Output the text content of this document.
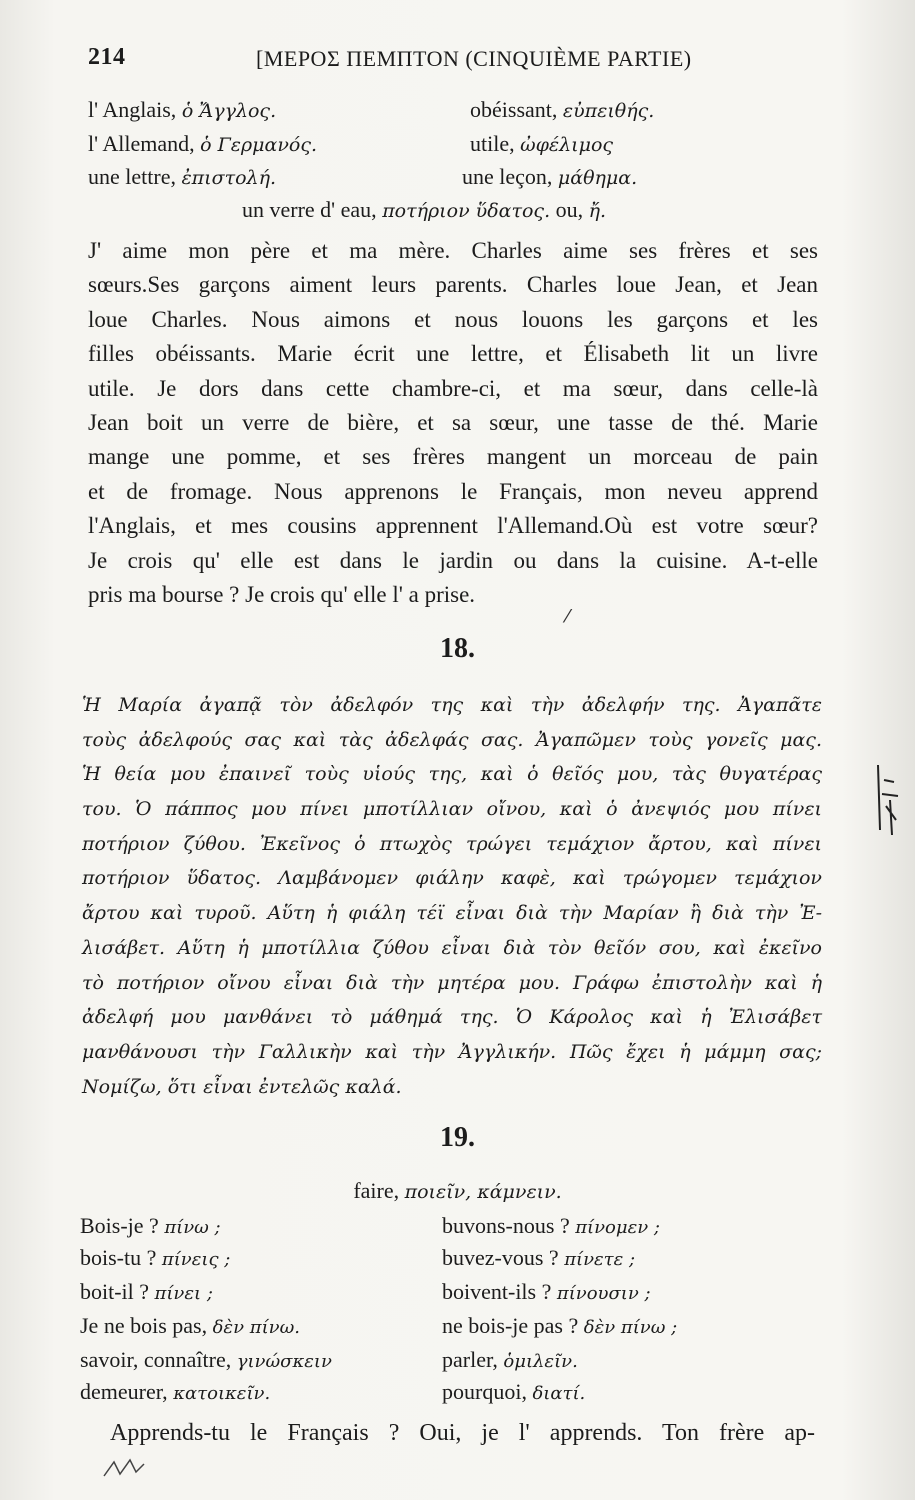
214	[ΜΕΡΟΣ ΠΕΜΠΤΟΝ (CINQUIÈME PARTIE)
l' Anglais, ὁ Ἄγγλος.	obéissant, εὐπειθής.
l' Allemand, ὁ Γερμανός.	utile, ὠφέλιμος
une lettre, ἐπιστολή.	une leçon, μάθημα.
un verre d' eau, ποτήριον ὕδατος. ou, ἤ.
J' aime mon père et ma mère. Charles aime ses frères et ses
sœurs.Ses garçons aiment leurs parents. Charles loue Jean, et Jean
loue Charles. Nous aimons et nous louons les garçons et les
filles obéissants. Marie écrit une lettre, et Élisabeth lit un livre
utile. Je dors dans cette chambre-ci, et ma sœur, dans celle-là
Jean boit un verre de bière, et sa sœur, une tasse de thé. Marie
mange une pomme, et ses frères mangent un morceau de pain
et de fromage. Nous apprenons le Français, mon neveu apprend
l'Anglais, et mes cousins apprennent l'Allemand.Où est votre sœur?
Je crois qu' elle est dans le jardin ou dans la cuisine. A-t-elle
pris ma bourse ? Je crois qu' elle l' a prise.
⁄
18.
Ἡ Μαρία ἀγαπᾷ τὸν ἀδελφόν της καὶ τὴν ἀδελφήν της. Ἀγαπᾶτε
τοὺς ἀδελφούς σας καὶ τὰς ἀδελφάς σας. Ἀγαπῶμεν τοὺς γονεῖς μας.
Ἡ θεία μου ἐπαινεῖ τοὺς υἱούς της, καὶ ὁ θεῖός μου, τὰς θυγατέρας
του. Ὁ πάππος μου πίνει μποτίλλιαν οἴνου, καὶ ὁ ἀνεψιός μου πίνει
ποτήριον ζύθου. Ἐκεῖνος ὁ πτωχὸς τρώγει τεμάχιον ἄρτου, καὶ πίνει
ποτήριον ὕδατος. Λαμβάνομεν φιάλην καφὲ, καὶ τρώγομεν τεμάχιον
ἄρτου καὶ τυροῦ. Αὕτη ἡ φιάλη τέϊ εἶναι διὰ τὴν Μαρίαν ἢ διὰ τὴν Ἐ-
λισάβετ. Αὕτη ἡ μποτίλλια ζύθου εἶναι διὰ τὸν θεῖόν σου, καὶ ἐκεῖνο
τὸ ποτήριον οἴνου εἶναι διὰ τὴν μητέρα μου. Γράφω ἐπιστολὴν καὶ ἡ
ἀδελφή μου μανθάνει τὸ μάθημά της. Ὁ Κάρολος καὶ ἡ Ἐλισάβετ
μανθάνουσι τὴν Γαλλικὴν καὶ τὴν Ἀγγλικήν. Πῶς ἔχει ἡ μάμμη σας;
Νομίζω, ὅτι εἶναι ἐντελῶς καλά.
19.
faire, ποιεῖν, κάμνειν.
Bois-je ? πίνω ;	buvons-nous ? πίνομεν ;
bois-tu ? πίνεις ;	buvez-vous ? πίνετε ;
boit-il ? πίνει ;	boivent-ils ? πίνουσιν ;
Je ne bois pas, δὲν πίνω.	ne bois-je pas ? δὲν πίνω ;
savoir, connaître, γινώσκειν	parler, ὁμιλεῖν.
demeurer, κατοικεῖν.	pourquoi, διατί.
Apprends-tu le Français ? Oui, je l' apprends. Ton frère ap-
